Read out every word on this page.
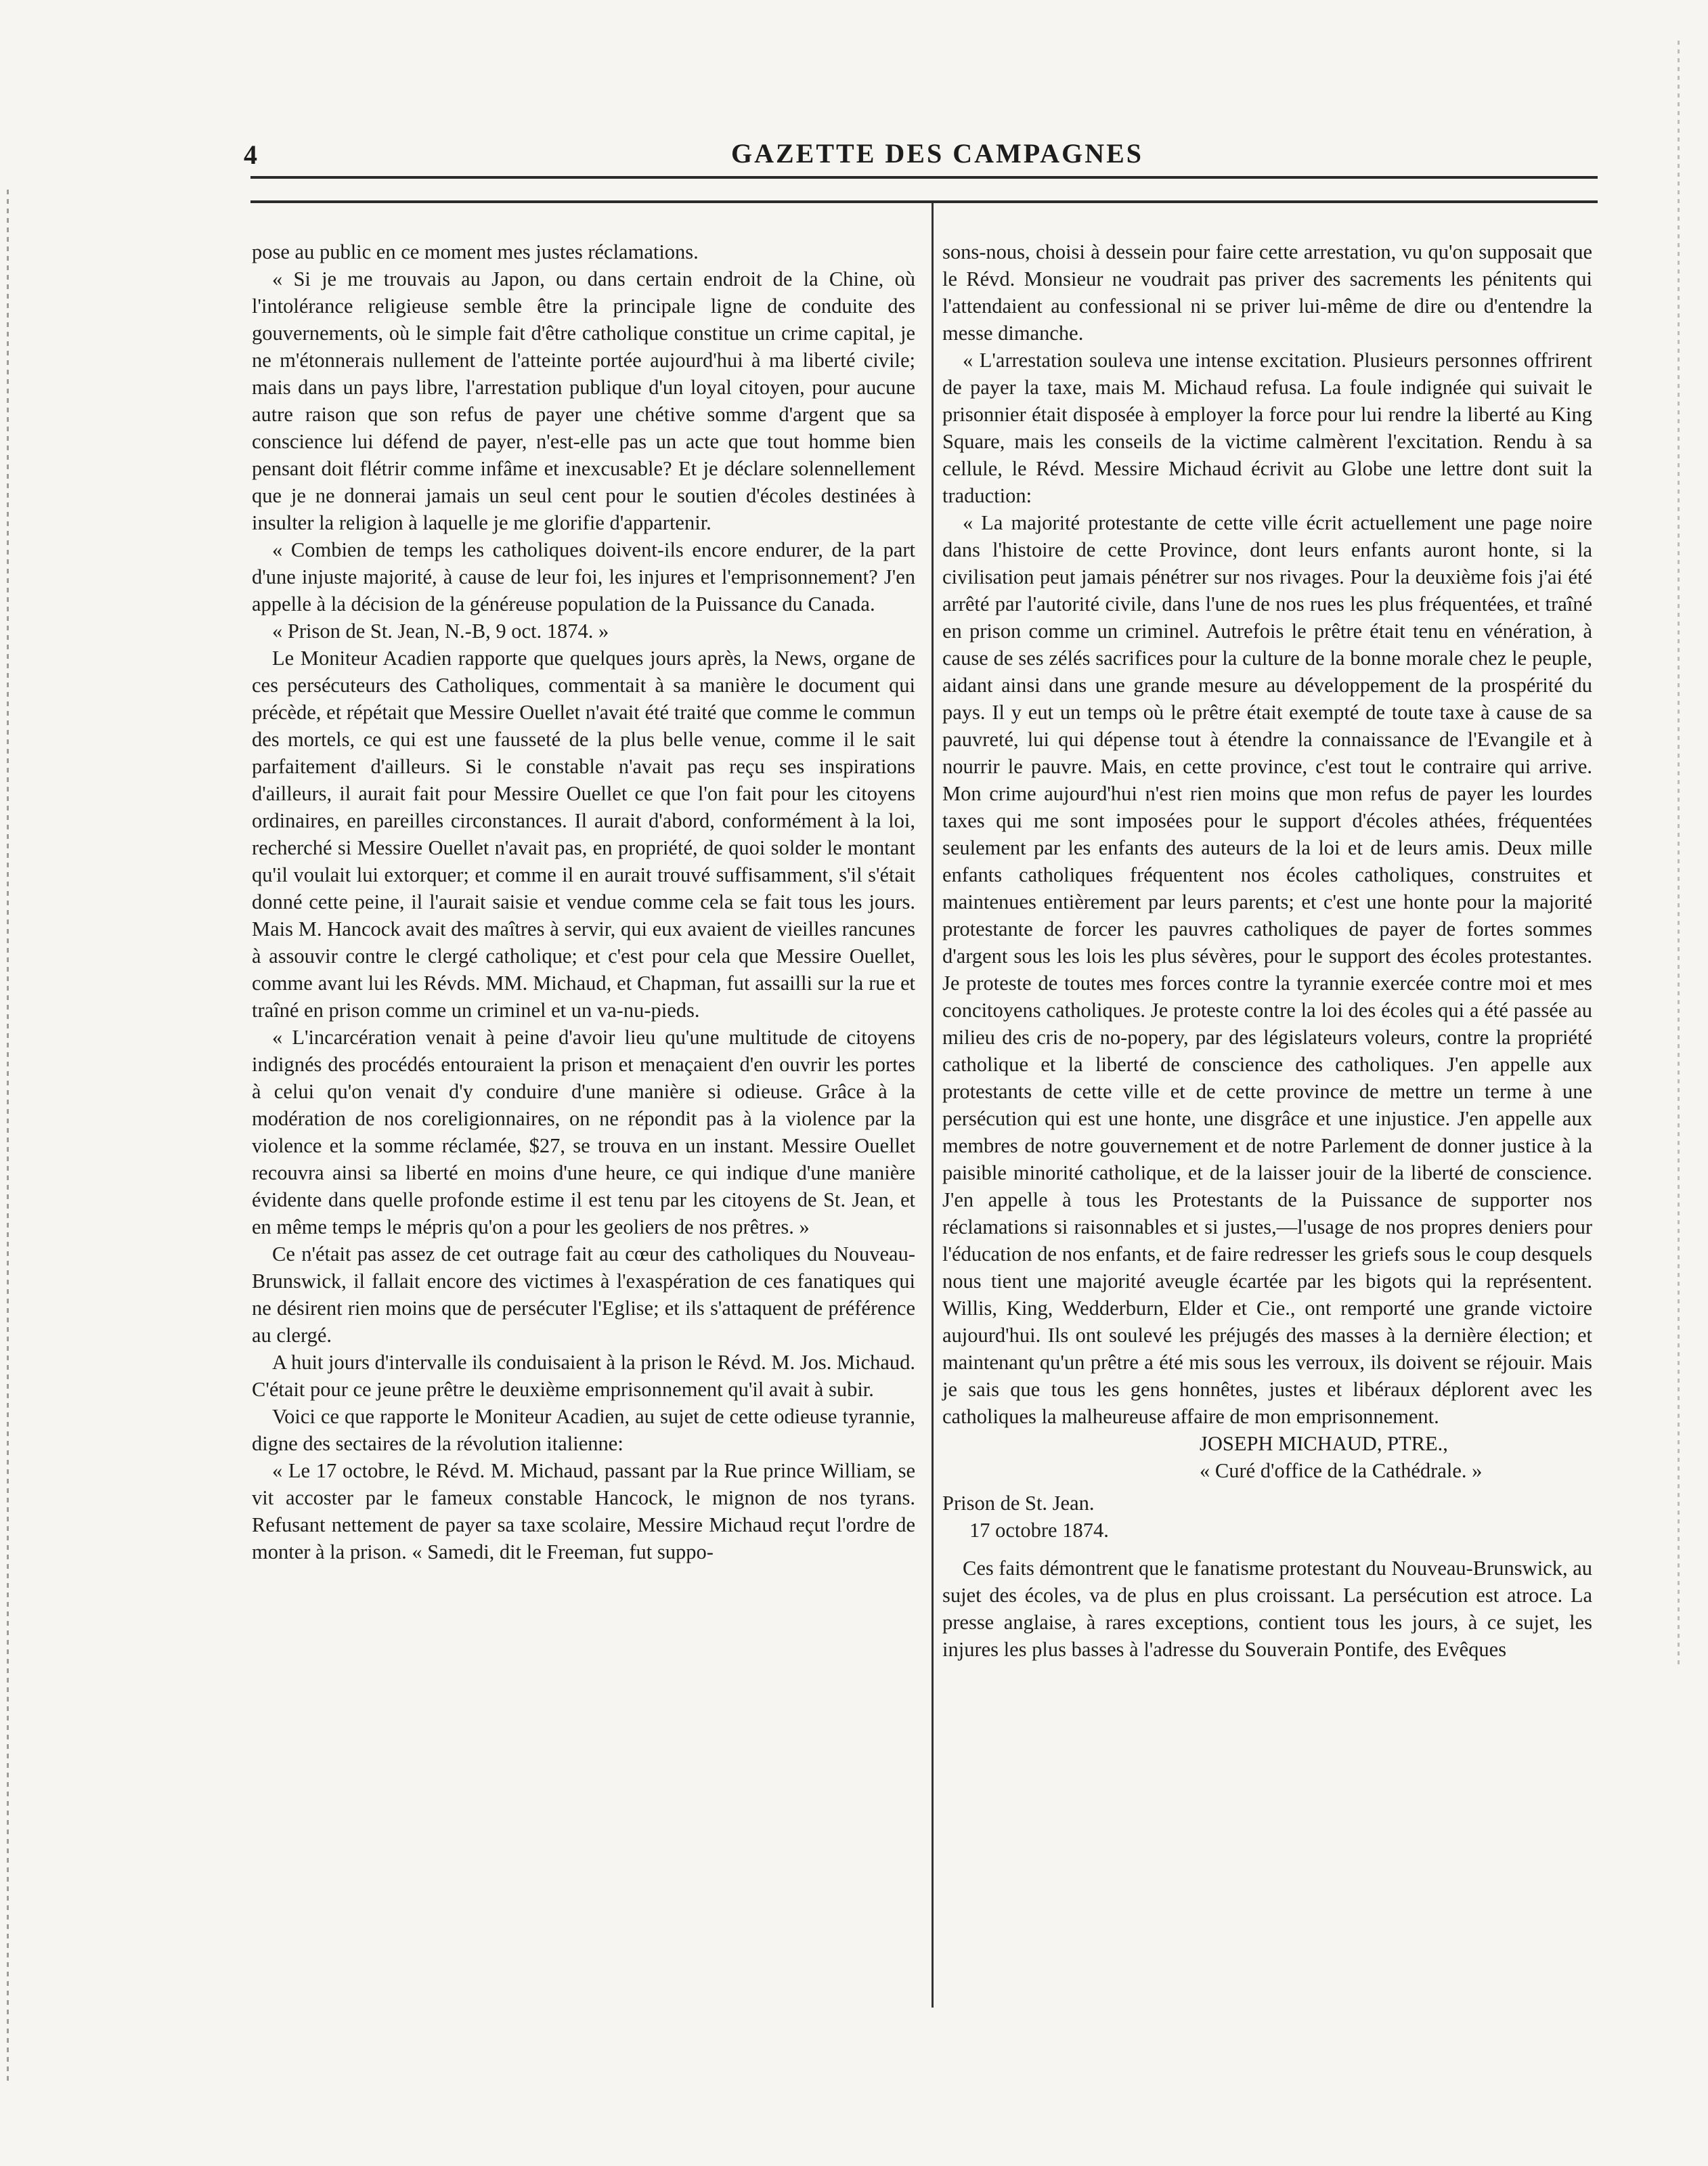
4	GAZETTE DES CAMPAGNES

pose au public en ce moment mes justes réclamations.

« Si je me trouvais au Japon, ou dans certain endroit de la Chine, où l'intolérance religieuse semble être la principale ligne de conduite des gouvernements, où le simple fait d'être catholique constitue un crime capital, je ne m'étonnerais nullement de l'atteinte portée aujourd'hui à ma liberté civile; mais dans un pays libre, l'arrestation publique d'un loyal citoyen, pour aucune autre raison que son refus de payer une chétive somme d'argent que sa conscience lui défend de payer, n'est-elle pas un acte que tout homme bien pensant doit flétrir comme infâme et inexcusable? Et je déclare solennellement que je ne donnerai jamais un seul cent pour le soutien d'écoles destinées à insulter la religion à laquelle je me glorifie d'appartenir.

« Combien de temps les catholiques doivent-ils encore endurer, de la part d'une injuste majorité, à cause de leur foi, les injures et l'emprisonnement? J'en appelle à la décision de la généreuse population de la Puissance du Canada.

« Prison de St. Jean, N.-B, 9 oct. 1874. »

Le Moniteur Acadien rapporte que quelques jours après, la News, organe de ces persécuteurs des Catholiques, commentait à sa manière le document qui précède, et répétait que Messire Ouellet n'avait été traité que comme le commun des mortels, ce qui est une fausseté de la plus belle venue, comme il le sait parfaitement d'ailleurs. Si le constable n'avait pas reçu ses inspirations d'ailleurs, il aurait fait pour Messire Ouellet ce que l'on fait pour les citoyens ordinaires, en pareilles circonstances. Il aurait d'abord, conformément à la loi, recherché si Messire Ouellet n'avait pas, en propriété, de quoi solder le montant qu'il voulait lui extorquer; et comme il en aurait trouvé suffisamment, s'il s'était donné cette peine, il l'aurait saisie et vendue comme cela se fait tous les jours. Mais M. Hancock avait des maîtres à servir, qui eux avaient de vieilles rancunes à assouvir contre le clergé catholique; et c'est pour cela que Messire Ouellet, comme avant lui les Révds. MM. Michaud, et Chapman, fut assailli sur la rue et traîné en prison comme un criminel et un va-nu-pieds.

« L'incarcération venait à peine d'avoir lieu qu'une multitude de citoyens indignés des procédés entouraient la prison et menaçaient d'en ouvrir les portes à celui qu'on venait d'y conduire d'une manière si odieuse. Grâce à la modération de nos coreligionnaires, on ne répondit pas à la violence par la violence et la somme réclamée, $27, se trouva en un instant. Messire Ouellet recouvra ainsi sa liberté en moins d'une heure, ce qui indique d'une manière évidente dans quelle profonde estime il est tenu par les citoyens de St. Jean, et en même temps le mépris qu'on a pour les geoliers de nos prêtres. »

Ce n'était pas assez de cet outrage fait au cœur des catholiques du Nouveau-Brunswick, il fallait encore des victimes à l'exaspération de ces fanatiques qui ne désirent rien moins que de persécuter l'Eglise; et ils s'attaquent de préférence au clergé.

A huit jours d'intervalle ils conduisaient à la prison le Révd. M. Jos. Michaud. C'était pour ce jeune prêtre le deuxième emprisonnement qu'il avait à subir.

Voici ce que rapporte le Moniteur Acadien, au sujet de cette odieuse tyrannie, digne des sectaires de la révolution italienne:

« Le 17 octobre, le Révd. M. Michaud, passant par la Rue prince William, se vit accoster par le fameux constable Hancock, le mignon de nos tyrans. Refusant nettement de payer sa taxe scolaire, Messire Michaud reçut l'ordre de monter à la prison. « Samedi, dit le Freeman, fut suppo-

sons-nous, choisi à dessein pour faire cette arrestation, vu qu'on supposait que le Révd. Monsieur ne voudrait pas priver des sacrements les pénitents qui l'attendaient au confessional ni se priver lui-même de dire ou d'entendre la messe dimanche.

« L'arrestation souleva une intense excitation. Plusieurs personnes offrirent de payer la taxe, mais M. Michaud refusa. La foule indignée qui suivait le prisonnier était disposée à employer la force pour lui rendre la liberté au King Square, mais les conseils de la victime calmèrent l'excitation. Rendu à sa cellule, le Révd. Messire Michaud écrivit au Globe une lettre dont suit la traduction:

« La majorité protestante de cette ville écrit actuellement une page noire dans l'histoire de cette Province, dont leurs enfants auront honte, si la civilisation peut jamais pénétrer sur nos rivages. Pour la deuxième fois j'ai été arrêté par l'autorité civile, dans l'une de nos rues les plus fréquentées, et traîné en prison comme un criminel. Autrefois le prêtre était tenu en vénération, à cause de ses zélés sacrifices pour la culture de la bonne morale chez le peuple, aidant ainsi dans une grande mesure au développement de la prospérité du pays. Il y eut un temps où le prêtre était exempté de toute taxe à cause de sa pauvreté, lui qui dépense tout à étendre la connaissance de l'Evangile et à nourrir le pauvre. Mais, en cette province, c'est tout le contraire qui arrive. Mon crime aujourd'hui n'est rien moins que mon refus de payer les lourdes taxes qui me sont imposées pour le support d'écoles athées, fréquentées seulement par les enfants des auteurs de la loi et de leurs amis. Deux mille enfants catholiques fréquentent nos écoles catholiques, construites et maintenues entièrement par leurs parents; et c'est une honte pour la majorité protestante de forcer les pauvres catholiques de payer de fortes sommes d'argent sous les lois les plus sévères, pour le support des écoles protestantes. Je proteste de toutes mes forces contre la tyrannie exercée contre moi et mes concitoyens catholiques. Je proteste contre la loi des écoles qui a été passée au milieu des cris de no-popery, par des législateurs voleurs, contre la propriété catholique et la liberté de conscience des catholiques. J'en appelle aux protestants de cette ville et de cette province de mettre un terme à une persécution qui est une honte, une disgrâce et une injustice. J'en appelle aux membres de notre gouvernement et de notre Parlement de donner justice à la paisible minorité catholique, et de la laisser jouir de la liberté de conscience. J'en appelle à tous les Protestants de la Puissance de supporter nos réclamations si raisonnables et si justes,—l'usage de nos propres deniers pour l'éducation de nos enfants, et de faire redresser les griefs sous le coup desquels nous tient une majorité aveugle écartée par les bigots qui la représentent. Willis, King, Wedderburn, Elder et Cie., ont remporté une grande victoire aujourd'hui. Ils ont soulevé les préjugés des masses à la dernière élection; et maintenant qu'un prêtre a été mis sous les verroux, ils doivent se réjouir. Mais je sais que tous les gens honnêtes, justes et libéraux déplorent avec les catholiques la malheureuse affaire de mon emprisonnement.

JOSEPH MICHAUD, PTRE.,

« Curé d'office de la Cathédrale. »

Prison de St. Jean.
17 octobre 1874.

Ces faits démontrent que le fanatisme protestant du Nouveau-Brunswick, au sujet des écoles, va de plus en plus croissant. La persécution est atroce. La presse anglaise, à rares exceptions, contient tous les jours, à ce sujet, les injures les plus basses à l'adresse du Souverain Pontife, des Evêques
